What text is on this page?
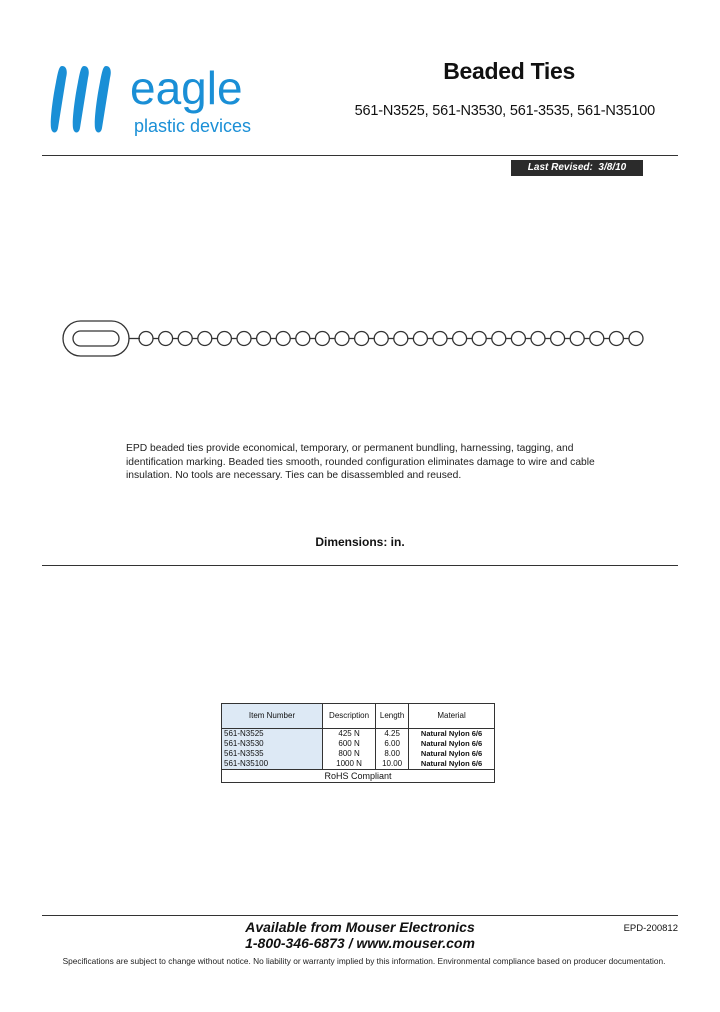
eagle
plastic devices
Beaded Ties
561-N3525, 561-N3530, 561-3535, 561-N35100
Last Revised: 3/8/10
EPD beaded ties provide economical, temporary, or permanent bundling, harnessing, tagging, and identification marking. Beaded ties smooth, rounded configuration eliminates damage to wire and cable insulation. No tools are necessary. Ties can be disassembled and reused.
Dimensions: in.
Item Number	Description	Length	Material
561-N3525	425 N	4.25	Natural Nylon 6/6
561-N3530	600 N	6.00	Natural Nylon 6/6
561-N3535	800 N	8.00	Natural Nylon 6/6
561-N35100	1000 N	10.00	Natural Nylon 6/6
RoHS Compliant			
Available from Mouser Electronics
1-800-346-6873 / www.mouser.com
EPD-200812
Specifications are subject to change without notice. No liability or warranty implied by this information. Environmental compliance based on producer documentation.
